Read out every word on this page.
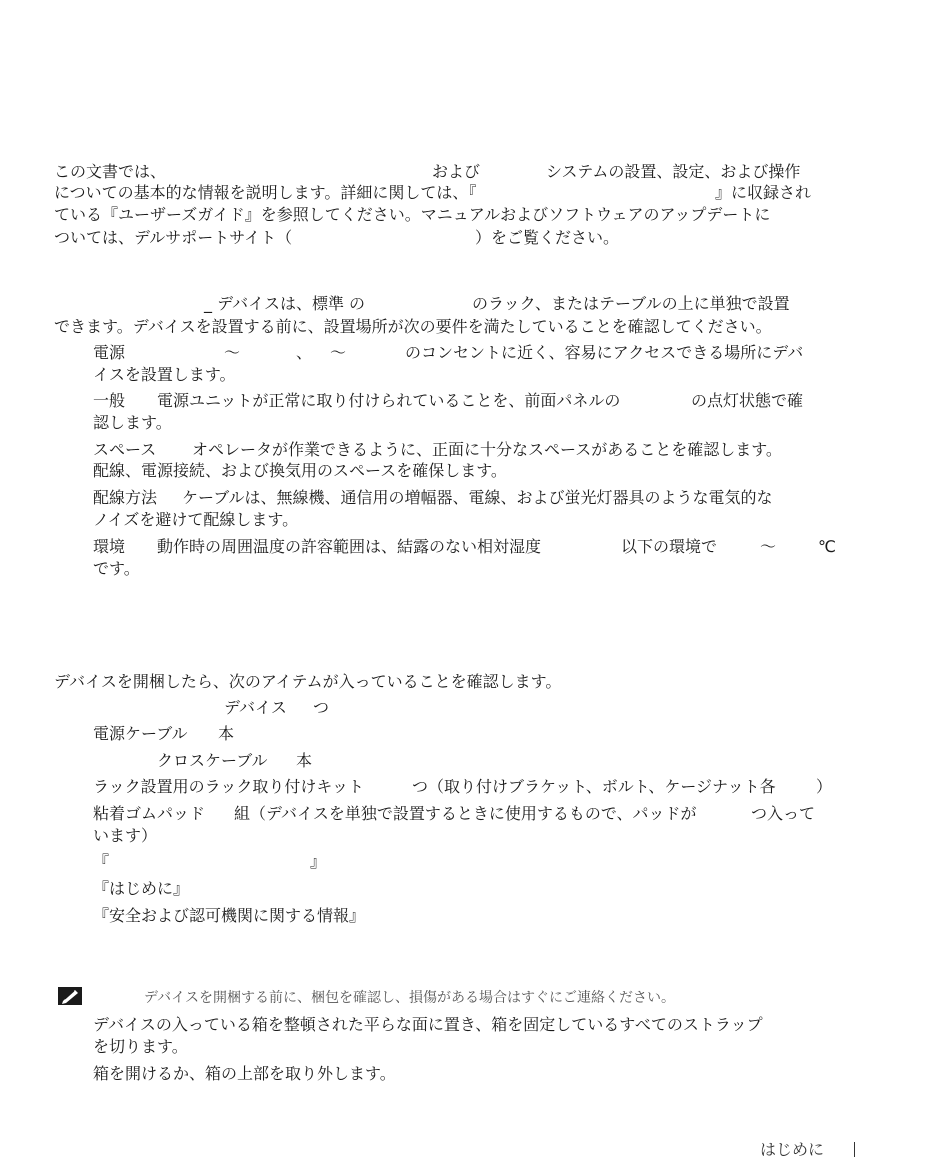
この文書では、	および	システムの設置、設定、および操作
についての基本的な情報を説明します。詳細に関しては、『	』に収録され
ている『ユーザーズガイド』を参照してください。マニュアルおよびソフトウェアのアップデートに
ついては、デルサポートサイト（	）をご覧ください。
_ デバイスは、標準 の	のラック、またはテーブルの上に単独で設置
できます。デバイスを設置する前に、設置場所が次の要件を満たしていることを確認してください。
電源	～	、 ～	のコンセントに近く、容易にアクセスできる場所にデバ
イスを設置します。
一般 電源ユニットが正常に取り付けられていることを、前面パネルの	の点灯状態で確
認します。
スペース オペレータが作業できるように、正面に十分なスペースがあることを確認します。
配線、電源接続、および換気用のスペースを確保します。
配線方法 ケーブルは、無線機、通信用の増幅器、電線、および蛍光灯器具のような電気的な
ノイズを避けて配線します。
環境 動作時の周囲温度の許容範囲は、結露のない相対湿度	以下の環境で	～	℃
です。
デバイスを開梱したら、次のアイテムが入っていることを確認します。
デバイス つ
電源ケーブル 本
クロスケーブル 本
ラック設置用のラック取り付けキット	つ（取り付けブラケット、ボルト、ケージナット各	）
粘着ゴムパッド 組（デバイスを単独で設置するときに使用するもので、パッドが	つ入って
います）
『	』
『はじめに』
『安全および認可機関に関する情報』
デバイスを開梱する前に、梱包を確認し、損傷がある場合はすぐにご連絡ください。
デバイスの入っている箱を整頓された平らな面に置き、箱を固定しているすべてのストラップ
を切ります。
箱を開けるか、箱の上部を取り外します。
はじめに
